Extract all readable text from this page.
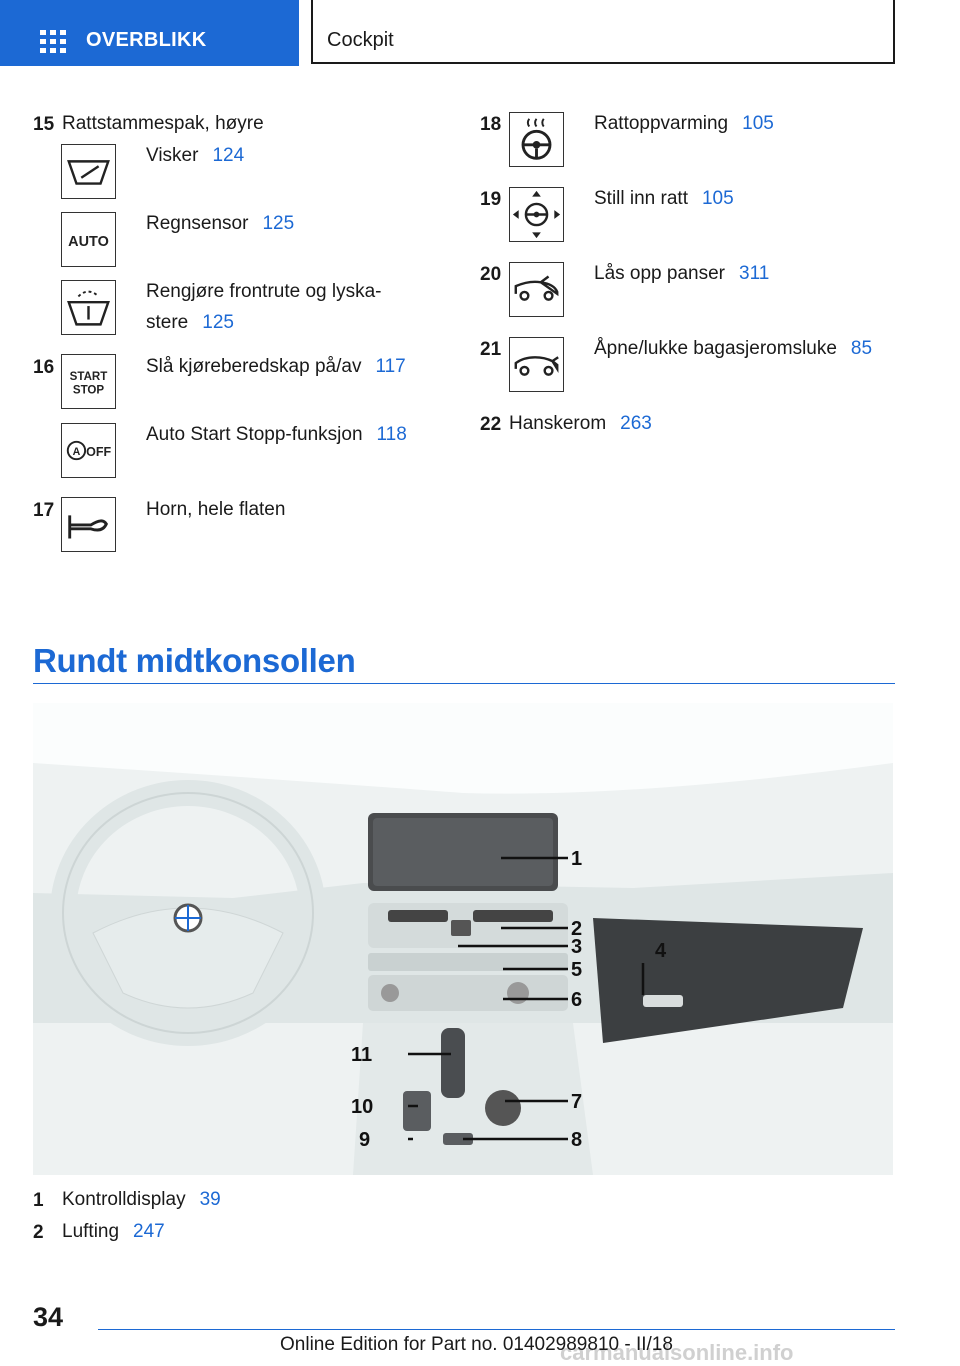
OVERBLIKK	Cockpit
15 Rattstammespak, høyre
Visker 124
AUTO
Regnsensor 125
Rengjøre frontrute og lyska-
stere 125
16 START
STOP
Slå kjøreberedskap på/av 117
A OFF
Auto Start Stopp-funksjon 118
17	Horn, hele flaten
18	Rattoppvarming 105
19	Still inn ratt 105
20	Lås opp panser 311
21	Åpne/lukke bagasjeromsluke 85
22 Hanskerom 263
Rundt midtkonsollen
1
2
3	4
5
6
7
8
9
10
11
1 Kontrolldisplay 39
2 Lufting 247
34
carmanualsonline.info
Online Edition for Part no. 01402989810 - II/18
